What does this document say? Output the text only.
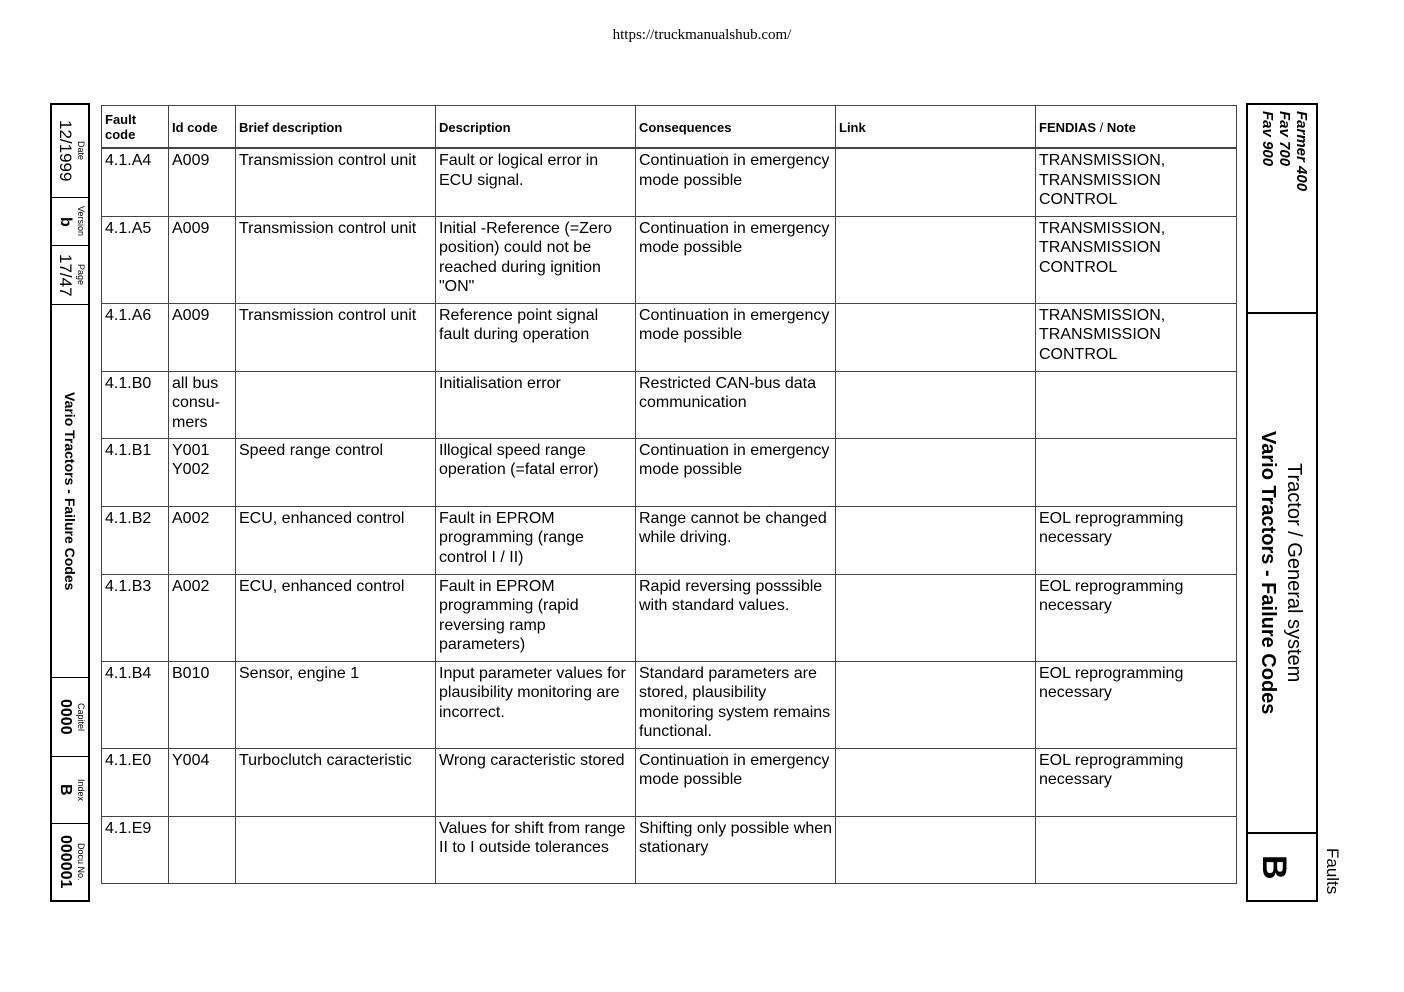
https://truckmanualshub.com/
Date
12/1999
Version
b
Page
17/47
Vario Tractors - Failure Codes
Capitel
0000
Index
B
Docu No.
000001
Fault code	Id code	Brief description	Description	Consequences	Link	FENDIAS / Note
4.1.A4	A009	Transmission control unit	Fault or logical error in ECU signal.	Continuation in emergency mode possible		TRANSMISSION, TRANSMISSION CONTROL
4.1.A5	A009	Transmission control unit	Initial -Reference (=Zero position) could not be reached during ignition "ON"	Continuation in emergency mode possible		TRANSMISSION, TRANSMISSION CONTROL
4.1.A6	A009	Transmission control unit	Reference point signal fault during operation	Continuation in emergency mode possible		TRANSMISSION, TRANSMISSION CONTROL
4.1.B0	all bus consu-mers		Initialisation error	Restricted CAN-bus data communication		
4.1.B1	Y001 Y002	Speed range control	Illogical speed range operation (=fatal error)	Continuation in emergency mode possible		
4.1.B2	A002	ECU, enhanced control	Fault in EPROM programming (range control I / II)	Range cannot be changed while driving.		EOL reprogramming necessary
4.1.B3	A002	ECU, enhanced control	Fault in EPROM programming (rapid reversing ramp parameters)	Rapid reversing posssible with standard values.		EOL reprogramming necessary
4.1.B4	B010	Sensor, engine 1	Input parameter values for plausibility monitoring are incorrect.	Standard parameters are stored, plausibility monitoring system remains functional.		EOL reprogramming necessary
4.1.E0	Y004	Turboclutch caracteristic	Wrong caracteristic stored	Continuation in emergency mode possible		EOL reprogramming necessary
4.1.E9			Values for shift from range II to I outside tolerances	Shifting only possible when stationary		
Farmer 400
Fav 700
Fav 900
Tractor / General system
Vario Tractors - Failure Codes
B Faults
